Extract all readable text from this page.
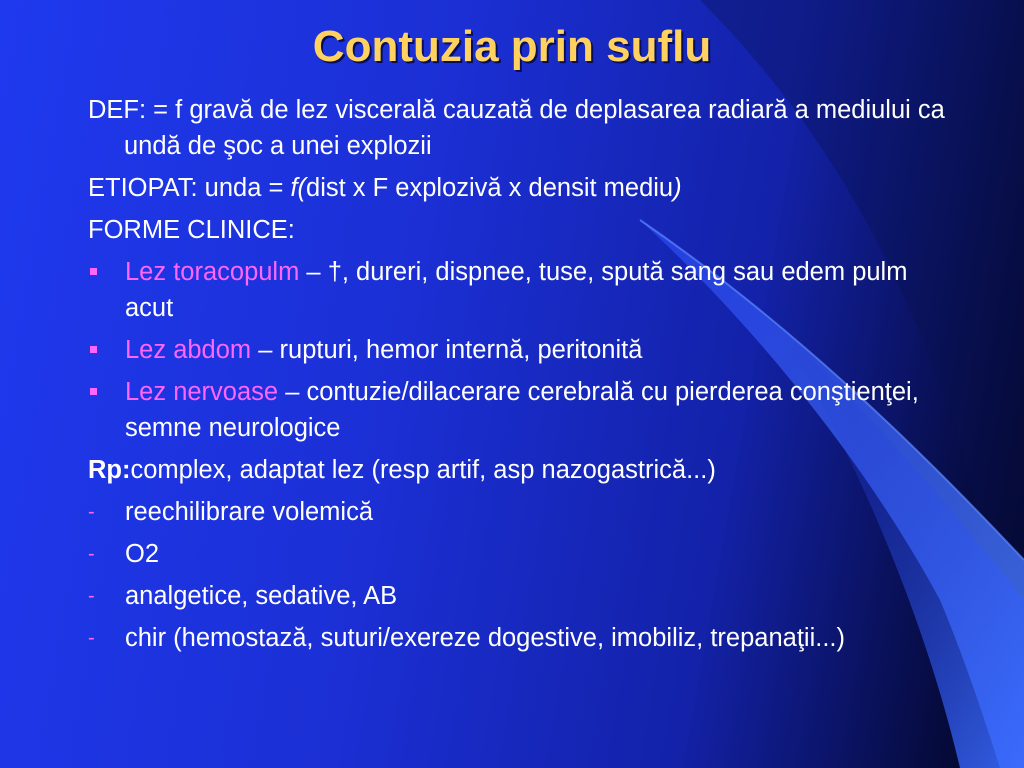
Contuzia prin suflu
DEF: = f gravă de lez viscerală cauzată de deplasarea radiară a mediului ca undă de şoc a unei explozii
ETIOPAT: unda = f(dist x F explozivă x densit mediu)
FORME CLINICE:
Lez toracopulm – †, dureri, dispnee, tuse, spută sang sau edem pulm acut
Lez abdom – rupturi, hemor internă, peritonită
Lez nervoase – contuzie/dilacerare cerebrală cu pierderea conştienţei, semne neurologice
Rp:complex, adaptat lez (resp artif, asp nazogastrică...)
- reechilibrare volemică
- O2
- analgetice, sedative, AB
- chir (hemostază, suturi/exereze dogestive, imobiliz, trepanaţii...)
